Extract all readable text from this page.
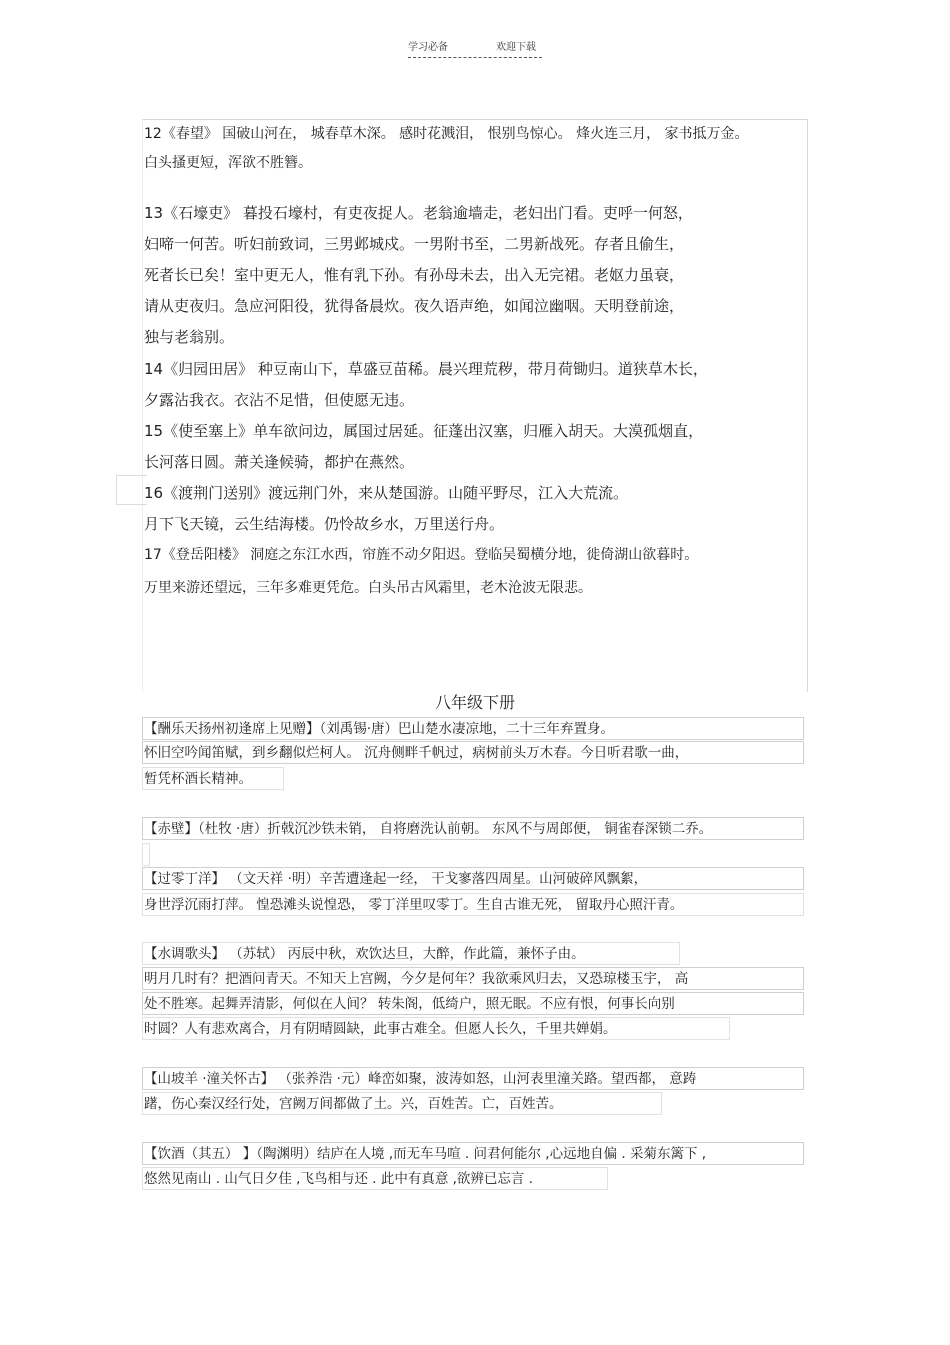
学习必备	欢迎下载
12《春望》 国破山河在， 城春草木深。 感时花溅泪， 恨别鸟惊心。 烽火连三月， 家书抵万金。
白头搔更短，浑欲不胜簪。
13《石壕吏》 暮投石壕村，有吏夜捉人。老翁逾墙走，老妇出门看。吏呼一何怒，
妇啼一何苦。听妇前致词，三男邺城戍。一男附书至，二男新战死。存者且偷生，
死者长已矣！室中更无人，惟有乳下孙。有孙母未去，出入无完裙。老妪力虽衰，
请从吏夜归。急应河阳役，犹得备晨炊。夜久语声绝，如闻泣幽咽。天明登前途，
独与老翁别。
14《归园田居》 种豆南山下，草盛豆苗稀。晨兴理荒秽，带月荷锄归。道狭草木长，
夕露沾我衣。衣沾不足惜，但使愿无违。
15《使至塞上》单车欲问边，属国过居延。征蓬出汉塞，归雁入胡天。大漠孤烟直，
长河落日圆。萧关逢候骑，都护在燕然。
16《渡荆门送别》渡远荆门外，来从楚国游。山随平野尽，江入大荒流。
月下飞天镜，云生结海楼。仍怜故乡水，万里送行舟。
17《登岳阳楼》 洞庭之东江水西，帘旌不动夕阳迟。登临吴蜀横分地，徙倚湖山欲暮时。
万里来游还望远，三年多难更凭危。白头吊古风霜里，老木沧波无限悲。
八年级下册
【酬乐天扬州初逢席上见赠】（刘禹锡·唐）巴山楚水凄凉地，二十三年弃置身。
怀旧空吟闻笛赋，到乡翻似烂柯人。 沉舟侧畔千帆过，病树前头万木春。今日听君歌一曲，
暂凭杯酒长精神。
【赤壁】（杜牧 ·唐）折戟沉沙铁未销， 自将磨洗认前朝。 东风不与周郎便， 铜雀春深锁二乔。
【过零丁洋】 （文天祥 ·明）辛苦遭逢起一经， 干戈寥落四周星。山河破碎风飘絮，
身世浮沉雨打萍。 惶恐滩头说惶恐， 零丁洋里叹零丁。生自古谁无死， 留取丹心照汗青。
【水调歌头】 （苏轼） 丙辰中秋，欢饮达旦，大醉，作此篇，兼怀子由。
明月几时有？把酒问青天。不知天上宫阙，今夕是何年？我欲乘风归去，又恐琼楼玉宇， 高
处不胜寒。起舞弄清影，何似在人间？ 转朱阁，低绮户，照无眠。不应有恨，何事长向别
时圆？人有悲欢离合，月有阴晴圆缺，此事古难全。但愿人长久，千里共婵娟。
【山坡羊 ·潼关怀古】 （张养浩 ·元）峰峦如聚，波涛如怒，山河表里潼关路。望西都， 意踌
躇，伤心秦汉经行处，宫阙万间都做了土。兴，百姓苦。亡，百姓苦。
【饮酒（其五） 】（陶渊明）结庐在人境 ,而无车马喧 . 问君何能尔 ,心远地自偏 . 采菊东篱下 ,
悠然见南山 . 山气日夕佳 ,飞鸟相与还 . 此中有真意 ,欲辨已忘言 .
